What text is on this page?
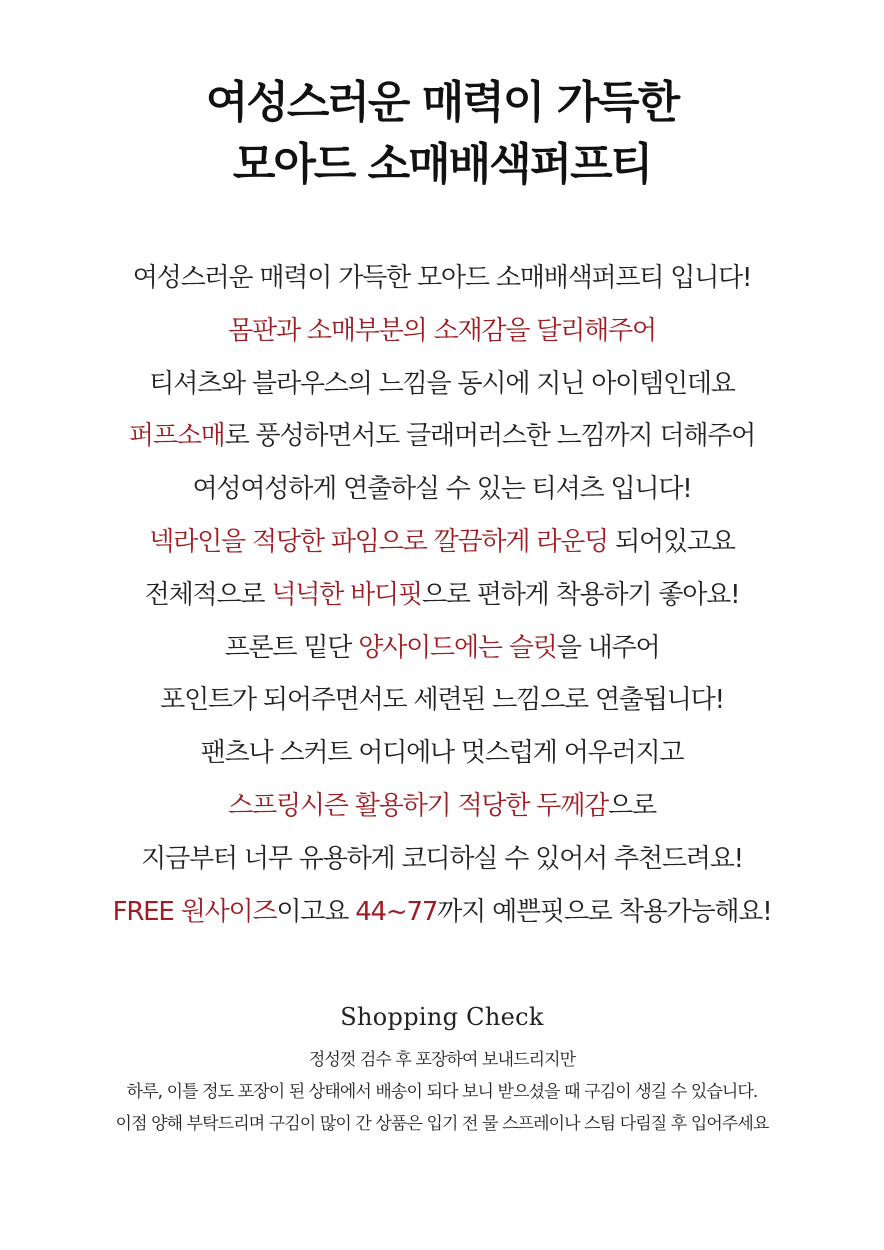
여성스러운 매력이 가득한
모아드 소매배색퍼프티
여성스러운 매력이 가득한 모아드 소매배색퍼프티 입니다!
몸판과 소매부분의 소재감을 달리해주어
티셔츠와 블라우스의 느낌을 동시에 지닌 아이템인데요
퍼프소매로 풍성하면서도 글래머러스한 느낌까지 더해주어
여성여성하게 연출하실 수 있는 티셔츠 입니다!
넥라인을 적당한 파임으로 깔끔하게 라운딩 되어있고요
전체적으로 넉넉한 바디핏으로 편하게 착용하기 좋아요!
프론트 밑단 양사이드에는 슬릿을 내주어
포인트가 되어주면서도 세련된 느낌으로 연출됩니다!
팬츠나 스커트 어디에나 멋스럽게 어우러지고
스프링시즌 활용하기 적당한 두께감으로
지금부터 너무 유용하게 코디하실 수 있어서 추천드려요!
FREE 원사이즈이고요 44~77까지 예쁜핏으로 착용가능해요!
Shopping Check
정성껏 검수 후 포장하여 보내드리지만
하루, 이틀 정도 포장이 된 상태에서 배송이 되다 보니 받으셨을 때 구김이 생길 수 있습니다.
이점 양해 부탁드리며 구김이 많이 간 상품은 입기 전 물 스프레이나 스팀 다림질 후 입어주세요
